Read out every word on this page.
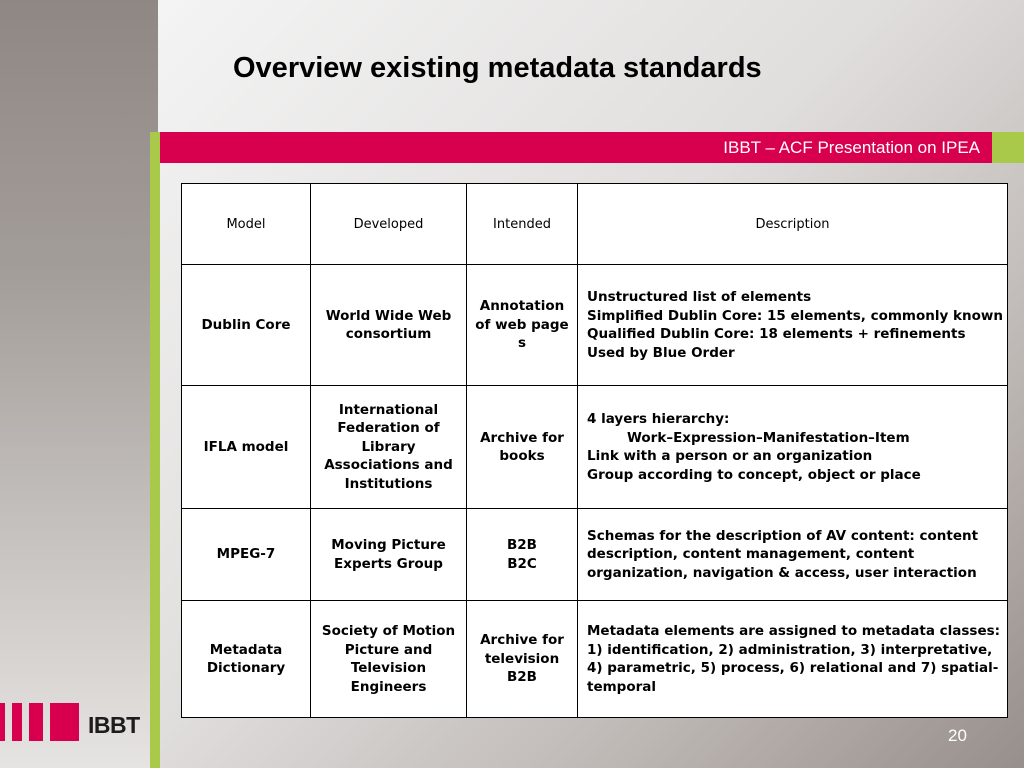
Overview existing metadata standards
IBBT – ACF Presentation on IPEA
Model	Developed	Intended	Description
Dublin Core	World Wide Web consortium	Annotation of web pages	Unstructured list of elements
Simplified Dublin Core: 15 elements, commonly known
Qualified Dublin Core: 18 elements + refinements
Used by Blue Order

IFLA model	International Federation of Library Associations and Institutions	Archive for books	4 layers hierarchy:
Work–Expression–Manifestation–Item
Link with a person or an organization
Group according to concept, object or place

MPEG-7	Moving Picture Experts Group	B2B B2C	Schemas for the description of AV content: content description, content management, content organization, navigation & access, user interaction

Metadata Dictionary	Society of Motion Picture and Television Engineers	Archive for television B2B	Metadata elements are assigned to metadata classes:
1) identification, 2) administration, 3) interpretative, 4) parametric, 5) process, 6) relational and 7) spatial-temporal
IBBT	20
